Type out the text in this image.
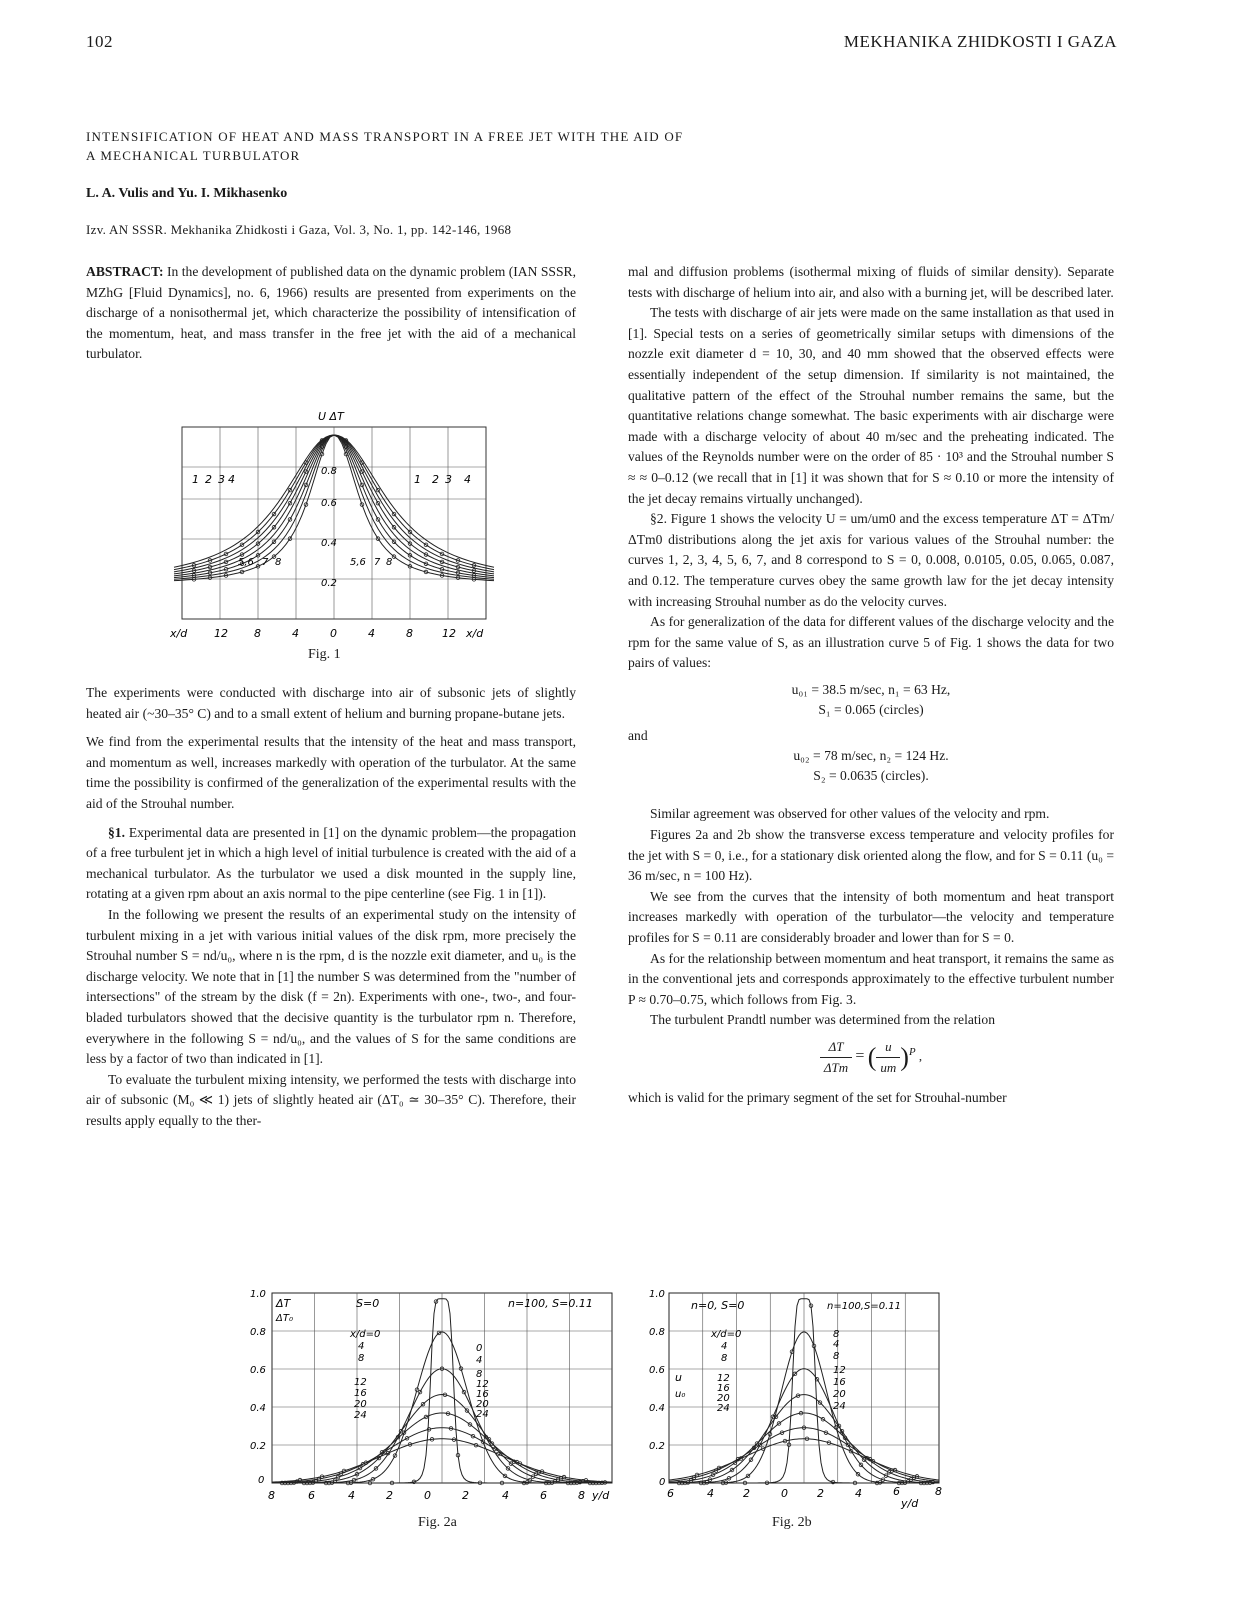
102	MEKHANIKA ZHIDKOSTI I GAZA
INTENSIFICATION OF HEAT AND MASS TRANSPORT IN A FREE JET WITH THE AID OF
A MECHANICAL TURBULATOR
L. A. Vulis and Yu. I. Mikhasenko
Izv. AN SSSR. Mekhanika Zhidkosti i Gaza, Vol. 3, No. 1, pp. 142-146, 1968

ABSTRACT: In the development of published data on the dynamic problem (IAN SSSR, MZhG [Fluid Dynamics], no. 6, 1966) results are presented from experiments on the discharge of a nonisothermal jet, which characterize the possibility of intensification of the momentum, heat, and mass transfer in the free jet with the aid of a mechanical turbulator.

U ΔT
0.8
0.6
0.4
0.2
1 2 3 4
5,6 7 8
1 2 3 4
5,6 7 8
x/d 12 8	4	0	4	8	12 x/d
Fig. 1

The experiments were conducted with discharge into air of subsonic jets of slightly heated air (~30–35° C) and to a small extent of helium and burning propane-butane jets.

We find from the experimental results that the intensity of the heat and mass transport, and momentum as well, increases markedly with operation of the turbulator. At the same time the possibility is confirmed of the generalization of the experimental results with the aid of the Strouhal number.

§1. Experimental data are presented in [1] on the dynamic problem—the propagation of a free turbulent jet in which a high level of initial turbulence is created with the aid of a mechanical turbulator. As the turbulator we used a disk mounted in the supply line, rotating at a given rpm about an axis normal to the pipe centerline (see Fig. 1 in [1]).

In the following we present the results of an experimental study on the intensity of turbulent mixing in a jet with various initial values of the disk rpm, more precisely the Strouhal number S = nd/u₀, where n is the rpm, d is the nozzle exit diameter, and u₀ is the discharge velocity. We note that in [1] the number S was determined from the "number of intersections" of the stream by the disk (f = 2n). Experiments with one-, two-, and four-bladed turbulators showed that the decisive quantity is the turbulator rpm n. Therefore, everywhere in the following S = nd/u₀, and the values of S for the same conditions are less by a factor of two than indicated in [1].

To evaluate the turbulent mixing intensity, we performed the tests with discharge into air of subsonic (M₀ ≪ 1) jets of slightly heated air (ΔT₀ ≃ 30–35° C). Therefore, their results apply equally to the ther-

mal and diffusion problems (isothermal mixing of fluids of similar density). Separate tests with discharge of helium into air, and also with a burning jet, will be described later.

The tests with discharge of air jets were made on the same installation as that used in [1]. Special tests on a series of geometrically similar setups with dimensions of the nozzle exit diameter d = 10, 30, and 40 mm showed that the observed effects were essentially independent of the setup dimension. If similarity is not maintained, the qualitative pattern of the effect of the Strouhal number remains the same, but the quantitative relations change somewhat. The basic experiments with air discharge were made with a discharge velocity of about 40 m/sec and the preheating indicated. The values of the Reynolds number were on the order of 85 · 10³ and the Strouhal number S ≈ ≈ 0–0.12 (we recall that in [1] it was shown that for S ≈ 0.10 or more the intensity of the jet decay remains virtually unchanged).

§2. Figure 1 shows the velocity U = um/um0 and the excess temperature ΔT = ΔTm/ΔTm0 distributions along the jet axis for various values of the Strouhal number: the curves 1, 2, 3, 4, 5, 6, 7, and 8 correspond to S = 0, 0.008, 0.0105, 0.05, 0.065, 0.087, and 0.12. The temperature curves obey the same growth law for the jet decay intensity with increasing Strouhal number as do the velocity curves.

As for generalization of the data for different values of the discharge velocity and the rpm for the same value of S, as an illustration curve 5 of Fig. 1 shows the data for two pairs of values:

u₀₁ = 38.5 m/sec, n₁ = 63 Hz,
S₁ = 0.065 (circles)

and

u₀₂ = 78 m/sec, n₂ = 124 Hz.
S₂ = 0.0635 (circles).

Similar agreement was observed for other values of the velocity and rpm.

Figures 2a and 2b show the transverse excess temperature and velocity profiles for the jet with S = 0, i.e., for a stationary disk oriented along the flow, and for S = 0.11 (u₀ = 36 m/sec, n = 100 Hz).

We see from the curves that the intensity of both momentum and heat transport increases markedly with operation of the turbulator—the velocity and temperature profiles for S = 0.11 are considerably broader and lower than for S = 0.

As for the relationship between momentum and heat transport, it remains the same as in the conventional jets and corresponds approximately to the effective turbulent number P ≈ 0.70–0.75, which follows from Fig. 3.

The turbulent Prandtl number was determined from the relation

$\frac{\Delta T}{\text{ΔTm}}$ = ( $\frac{u}{um} )^P$ ,

which is valid for the primary segment of the set for Strouhal-number

ΔT
ΔT₀
S=0	n=100, S=0.11
1.0
0.8
0.6
0.4
0.2
0
x/d=0
4
8
12
16
20
24
0
4
8
12
16
20
24
8	6	4	2	0	2	4	6	8 y/d
Fig. 2a
n=0, S=0	n=100,S=0.11
u
u₀
1.0
0.8
0.6
0.4
0.2
0
x/d=0
4
8
12
16
20
24
8
4
8
12
16
20
24
6	4	2	0	2	4	6
y/d
8
Fig. 2b
